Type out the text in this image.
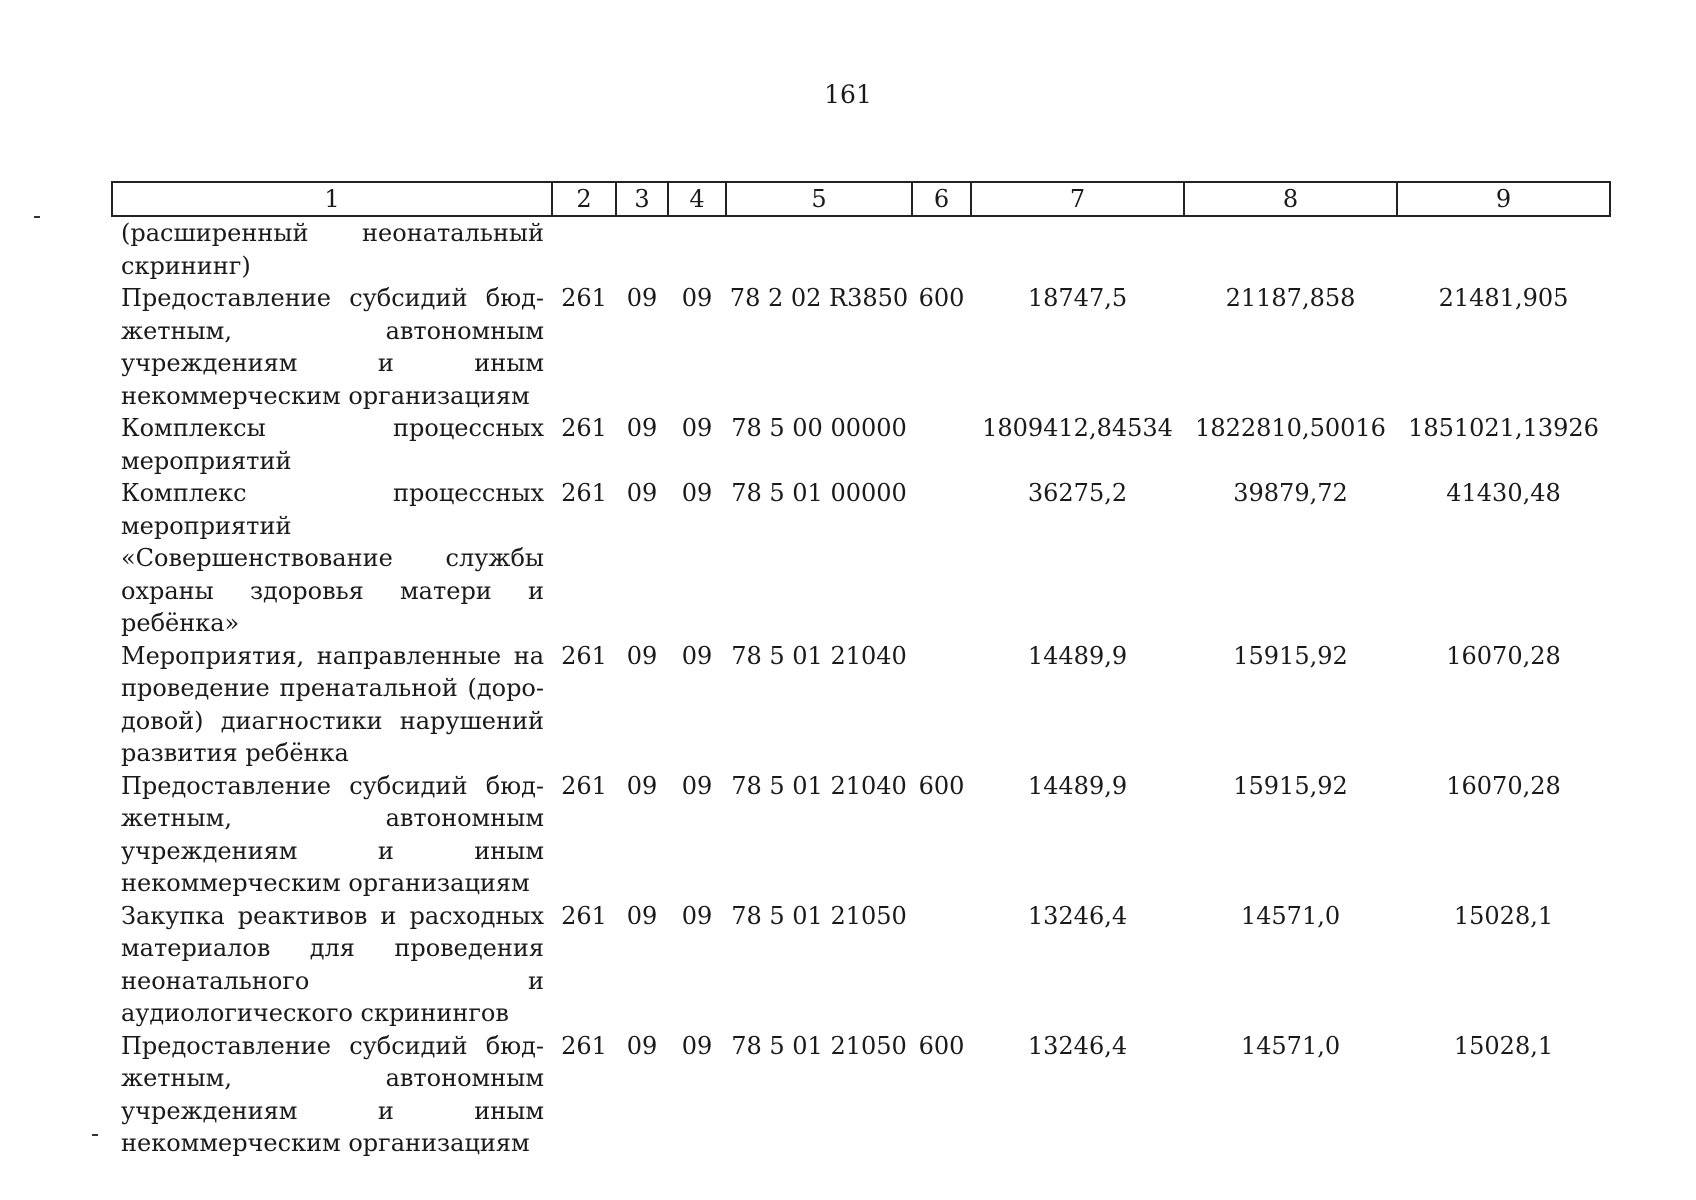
161
1	2	3	4	5	6	7	8	9
(расширенный неонатальный скрининг)								
Предоставление субсидий бюджетным, автономным учреждениям и иным некоммерческим организациям	261	09	09	78 2 02 R3850	600	18747,5	21187,858	21481,905
Комплексы процессных мероприятий	261	09	09	78 5 00 00000		1809412,84534	1822810,50016	1851021,13926
Комплекс процессных мероприятий «Совершенствование службы охраны здоровья матери и ребёнка»	261	09	09	78 5 01 00000		36275,2	39879,72	41430,48
Мероприятия, направленные на проведение пренатальной (дородовой) диагностики нарушений развития ребёнка	261	09	09	78 5 01 21040		14489,9	15915,92	16070,28
Предоставление субсидий бюджетным, автономным учреждениям и иным некоммерческим организациям	261	09	09	78 5 01 21040	600	14489,9	15915,92	16070,28
Закупка реактивов и расходных материалов для проведения неонатального и аудиологического скринингов	261	09	09	78 5 01 21050		13246,4	14571,0	15028,1
Предоставление субсидий бюджетным, автономным учреждениям и иным некоммерческим организациям	261	09	09	78 5 01 21050	600	13246,4	14571,0	15028,1
